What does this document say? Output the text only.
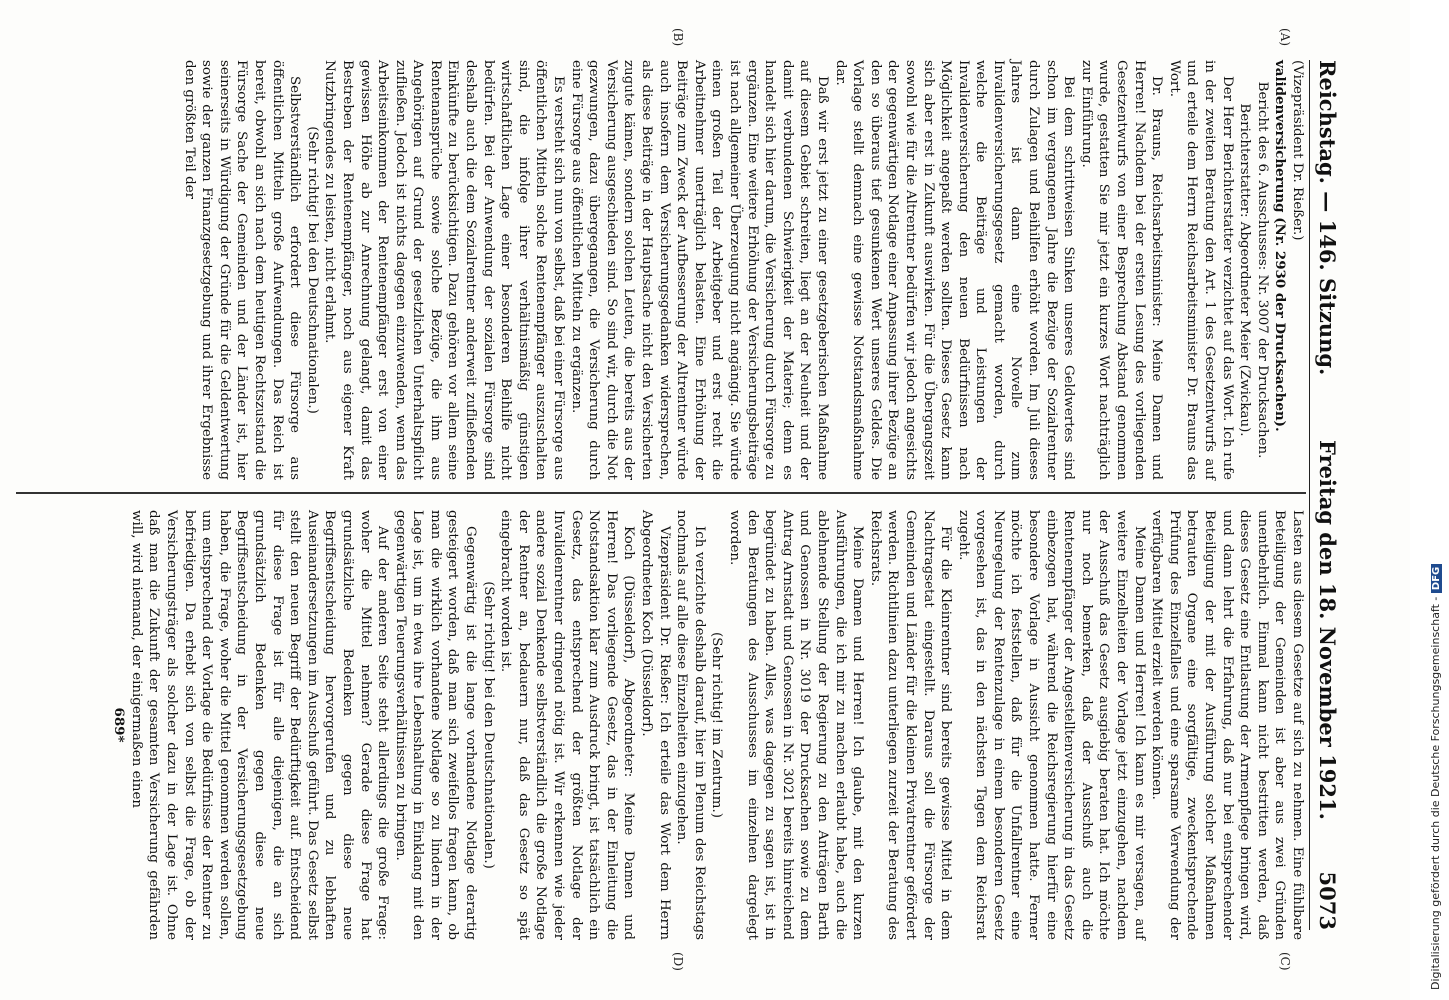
Reichstag. — 146. Sitzung.
Freitag den 18. November 1921.
5073
(A)
(B)
(C)
(D)

(Vizepräsident Dr. Rießer.)

validenversicherung (Nr. 2930 der Drucksachen).

Bericht des 6. Ausschusses: Nr. 3007 der Drucksachen.

Berichterstatter: Abgeordneter Meier (Zwickau).

Der Herr Berichterstatter verzichtet auf das Wort. Ich rufe in der zweiten Beratung den Art. 1 des Gesetzentwurfs auf und erteile dem Herrn Reichsarbeitsminister Dr. Brauns das Wort.

Dr. Brauns, Reichsarbeitsminister: Meine Damen und Herren! Nachdem bei der ersten Lesung des vorliegenden Gesetzentwurfs von einer Besprechung Abstand genommen wurde, gestatten Sie mir jetzt ein kurzes Wort nachträglich zur Einführung.

Bei dem schrittweisen Sinken unseres Geldwertes sind schon im vergangenen Jahre die Bezüge der Sozialrentner durch Zulagen und Beihilfen erhöht worden. Im Juli dieses Jahres ist dann eine Novelle zum Invalidenversicherungsgesetz gemacht worden, durch welche die Beiträge und Leistungen der Invalidenversicherung den neuen Bedürfnissen nach Möglichkeit angepaßt werden sollten. Dieses Gesetz kann sich aber erst in Zukunft auswirken. Für die Übergangszeit sowohl wie für die Altrentner bedürfen wir jedoch angesichts der gegenwärtigen Notlage einer Anpassung ihrer Bezüge an den so überaus tief gesunkenen Wert unseres Geldes. Die Vorlage stellt demnach eine gewisse Notstandsmaßnahme dar.

Daß wir erst jetzt zu einer gesetzgeberischen Maßnahme auf diesem Gebiet schreiten, liegt an der Neuheit und der damit verbundenen Schwierigkeit der Materie; denn es handelt sich hier darum, die Versicherung durch Fürsorge zu ergänzen. Eine weitere Erhöhung der Versicherungsbeiträge ist nach allgemeiner Überzeugung nicht angängig. Sie würde einen großen Teil der Arbeitgeber und erst recht die Arbeitnehmer unerträglich belasten. Eine Erhöhung der Beiträge zum Zweck der Aufbesserung der Altrentner würde auch insofern dem Versicherungsgedanken widersprechen, als diese Beiträge in der Hauptsache nicht den Versicherten zugute kämen, sondern solchen Leuten, die bereits aus der Versicherung ausgeschieden sind. So sind wir, durch die Not gezwungen, dazu übergegangen, die Versicherung durch eine Fürsorge aus öffentlichen Mitteln zu ergänzen.

Es versteht sich nun von selbst, daß bei einer Fürsorge aus öffentlichen Mitteln solche Rentenempfänger auszuschalten sind, die infolge ihrer verhältnismäßig günstigen wirtschaftlichen Lage einer besonderen Beihilfe nicht bedürfen. Bei der Anwendung der sozialen Fürsorge sind deshalb auch die dem Sozialrentner anderweit zufließenden Einkünfte zu berücksichtigen. Dazu gehören vor allem seine Rentenansprüche sowie solche Bezüge, die ihm aus Angehörigen auf Grund der gesetzlichen Unterhaltspflicht zufließen. Jedoch ist nichts dagegen einzuwenden, wenn das Arbeitseinkommen der Rentenempfänger erst von einer gewissen Höhe ab zur Anrechnung gelangt, damit das Bestreben der Rentenempfänger, noch aus eigener Kraft Nutzbringendes zu leisten, nicht erlahmt.

(Sehr richtig! bei den Deutschnationalen.)

Selbstverständlich erfordert diese Fürsorge aus öffentlichen Mitteln große Aufwendungen. Das Reich ist bereit, obwohl an sich nach dem heutigen Rechtszustand die Fürsorge Sache der Gemeinden und der Länder ist, hier seinerseits in Würdigung der Gründe für die Geldentwertung sowie der ganzen Finanzgesetzgebung und ihrer Ergebnisse den größten Teil der

Lasten aus diesem Gesetze auf sich zu nehmen. Eine fühlbare Beteiligung der Gemeinden ist aber aus zwei Gründen unentbehrlich. Einmal kann nicht bestritten werden, daß dieses Gesetz eine Entlastung der Armenpflege bringen wird, und dann lehrt die Erfahrung, daß nur bei entsprechender Beteiligung der mit der Ausführung solcher Maßnahmen betrauten Organe eine sorgfältige, zweckentsprechende Prüfung des Einzelfalles und eine sparsame Verwendung der verfügbaren Mittel erzielt werden können.

Meine Damen und Herren! Ich kann es mir versagen, auf weitere Einzelheiten der Vorlage jetzt einzugehen, nachdem der Ausschuß das Gesetz ausgiebig beraten hat. Ich möchte nur noch bemerken, daß der Ausschuß auch die Rentenempfänger der Angestelltenversicherung in das Gesetz einbezogen hat, während die Reichsregierung hierfür eine besondere Vorlage in Aussicht genommen hatte. Ferner möchte ich feststellen, daß für die Unfallrentner eine Neuregelung der Rentenzulage in einem besonderen Gesetz vorgesehen ist, das in den nächsten Tagen dem Reichsrat zugeht.

Für die Kleinrentner sind bereits gewisse Mittel in dem Nachtragsetat eingestellt. Daraus soll die Fürsorge der Gemeinden und Länder für die kleinen Privatrentner gefördert werden. Richtlinien dazu unterliegen zurzeit der Beratung des Reichsrats.

Meine Damen und Herren! Ich glaube, mit den kurzen Ausführungen, die ich mir zu machen erlaubt habe, auch die ablehnende Stellung der Regierung zu den Anträgen Barth und Genossen in Nr. 3019 der Drucksachen sowie zu dem Antrag Arnstadt und Genossen in Nr. 3021 bereits hinreichend begründet zu haben. Alles, was dagegen zu sagen ist, ist in den Beratungen des Ausschusses im einzelnen dargelegt worden.

(Sehr richtig! im Zentrum.)

Ich verzichte deshalb darauf, hier im Plenum des Reichstags nochmals auf alle diese Einzelheiten einzugehen.

Vizepräsident Dr. Rießer: Ich erteile das Wort dem Herrn Abgeordneten Koch (Düsseldorf).

Koch (Düsseldorf), Abgeordneter: Meine Damen und Herren! Das vorliegende Gesetz, das in der Einleitung die Notstandsaktion klar zum Ausdruck bringt, ist tatsächlich ein Gesetz, das entsprechend der größten Notlage der Invalidenrentner dringend nötig ist. Wir erkennen wie jeder andere sozial Denkende selbstverständlich die große Notlage der Rentner an, bedauern nur, daß das Gesetz so spät eingebracht worden ist.

(Sehr richtig! bei den Deutschnationalen.)

Gegenwärtig ist die lange vorhandene Notlage derartig gesteigert worden, daß man sich zweifellos fragen kann, ob man die wirklich vorhandene Notlage so zu lindern in der Lage ist, um in etwa ihre Lebenshaltung in Einklang mit den gegenwärtigen Teuerungsverhältnissen zu bringen.

Auf der anderen Seite steht allerdings die große Frage: woher die Mittel nehmen? Gerade diese Frage hat grundsätzliche Bedenken gegen diese neue Begriffsentscheidung hervorgerufen und zu lebhaften Auseinandersetzungen im Ausschuß geführt. Das Gesetz selbst stellt den neuen Begriff der Bedürftigkeit auf. Entscheidend für diese Frage ist für alle diejenigen, die an sich grundsätzlich Bedenken gegen diese neue Begriffsentscheidung in der Versicherungsgesetzgebung haben, die Frage, woher die Mittel genommen werden sollen, um entsprechend der Vorlage die Bedürfnisse der Rentner zu befriedigen. Da erhebt sich von selbst die Frage, ob der Versicherungsträger als solcher dazu in der Lage ist. Ohne daß man die Zukunft der gesamten Versicherung gefährden will, wird niemand, der einigermaßen einen

689*	Digitalisierung gefördert durch die Deutsche Forschungsgemeinschaft - DFG
